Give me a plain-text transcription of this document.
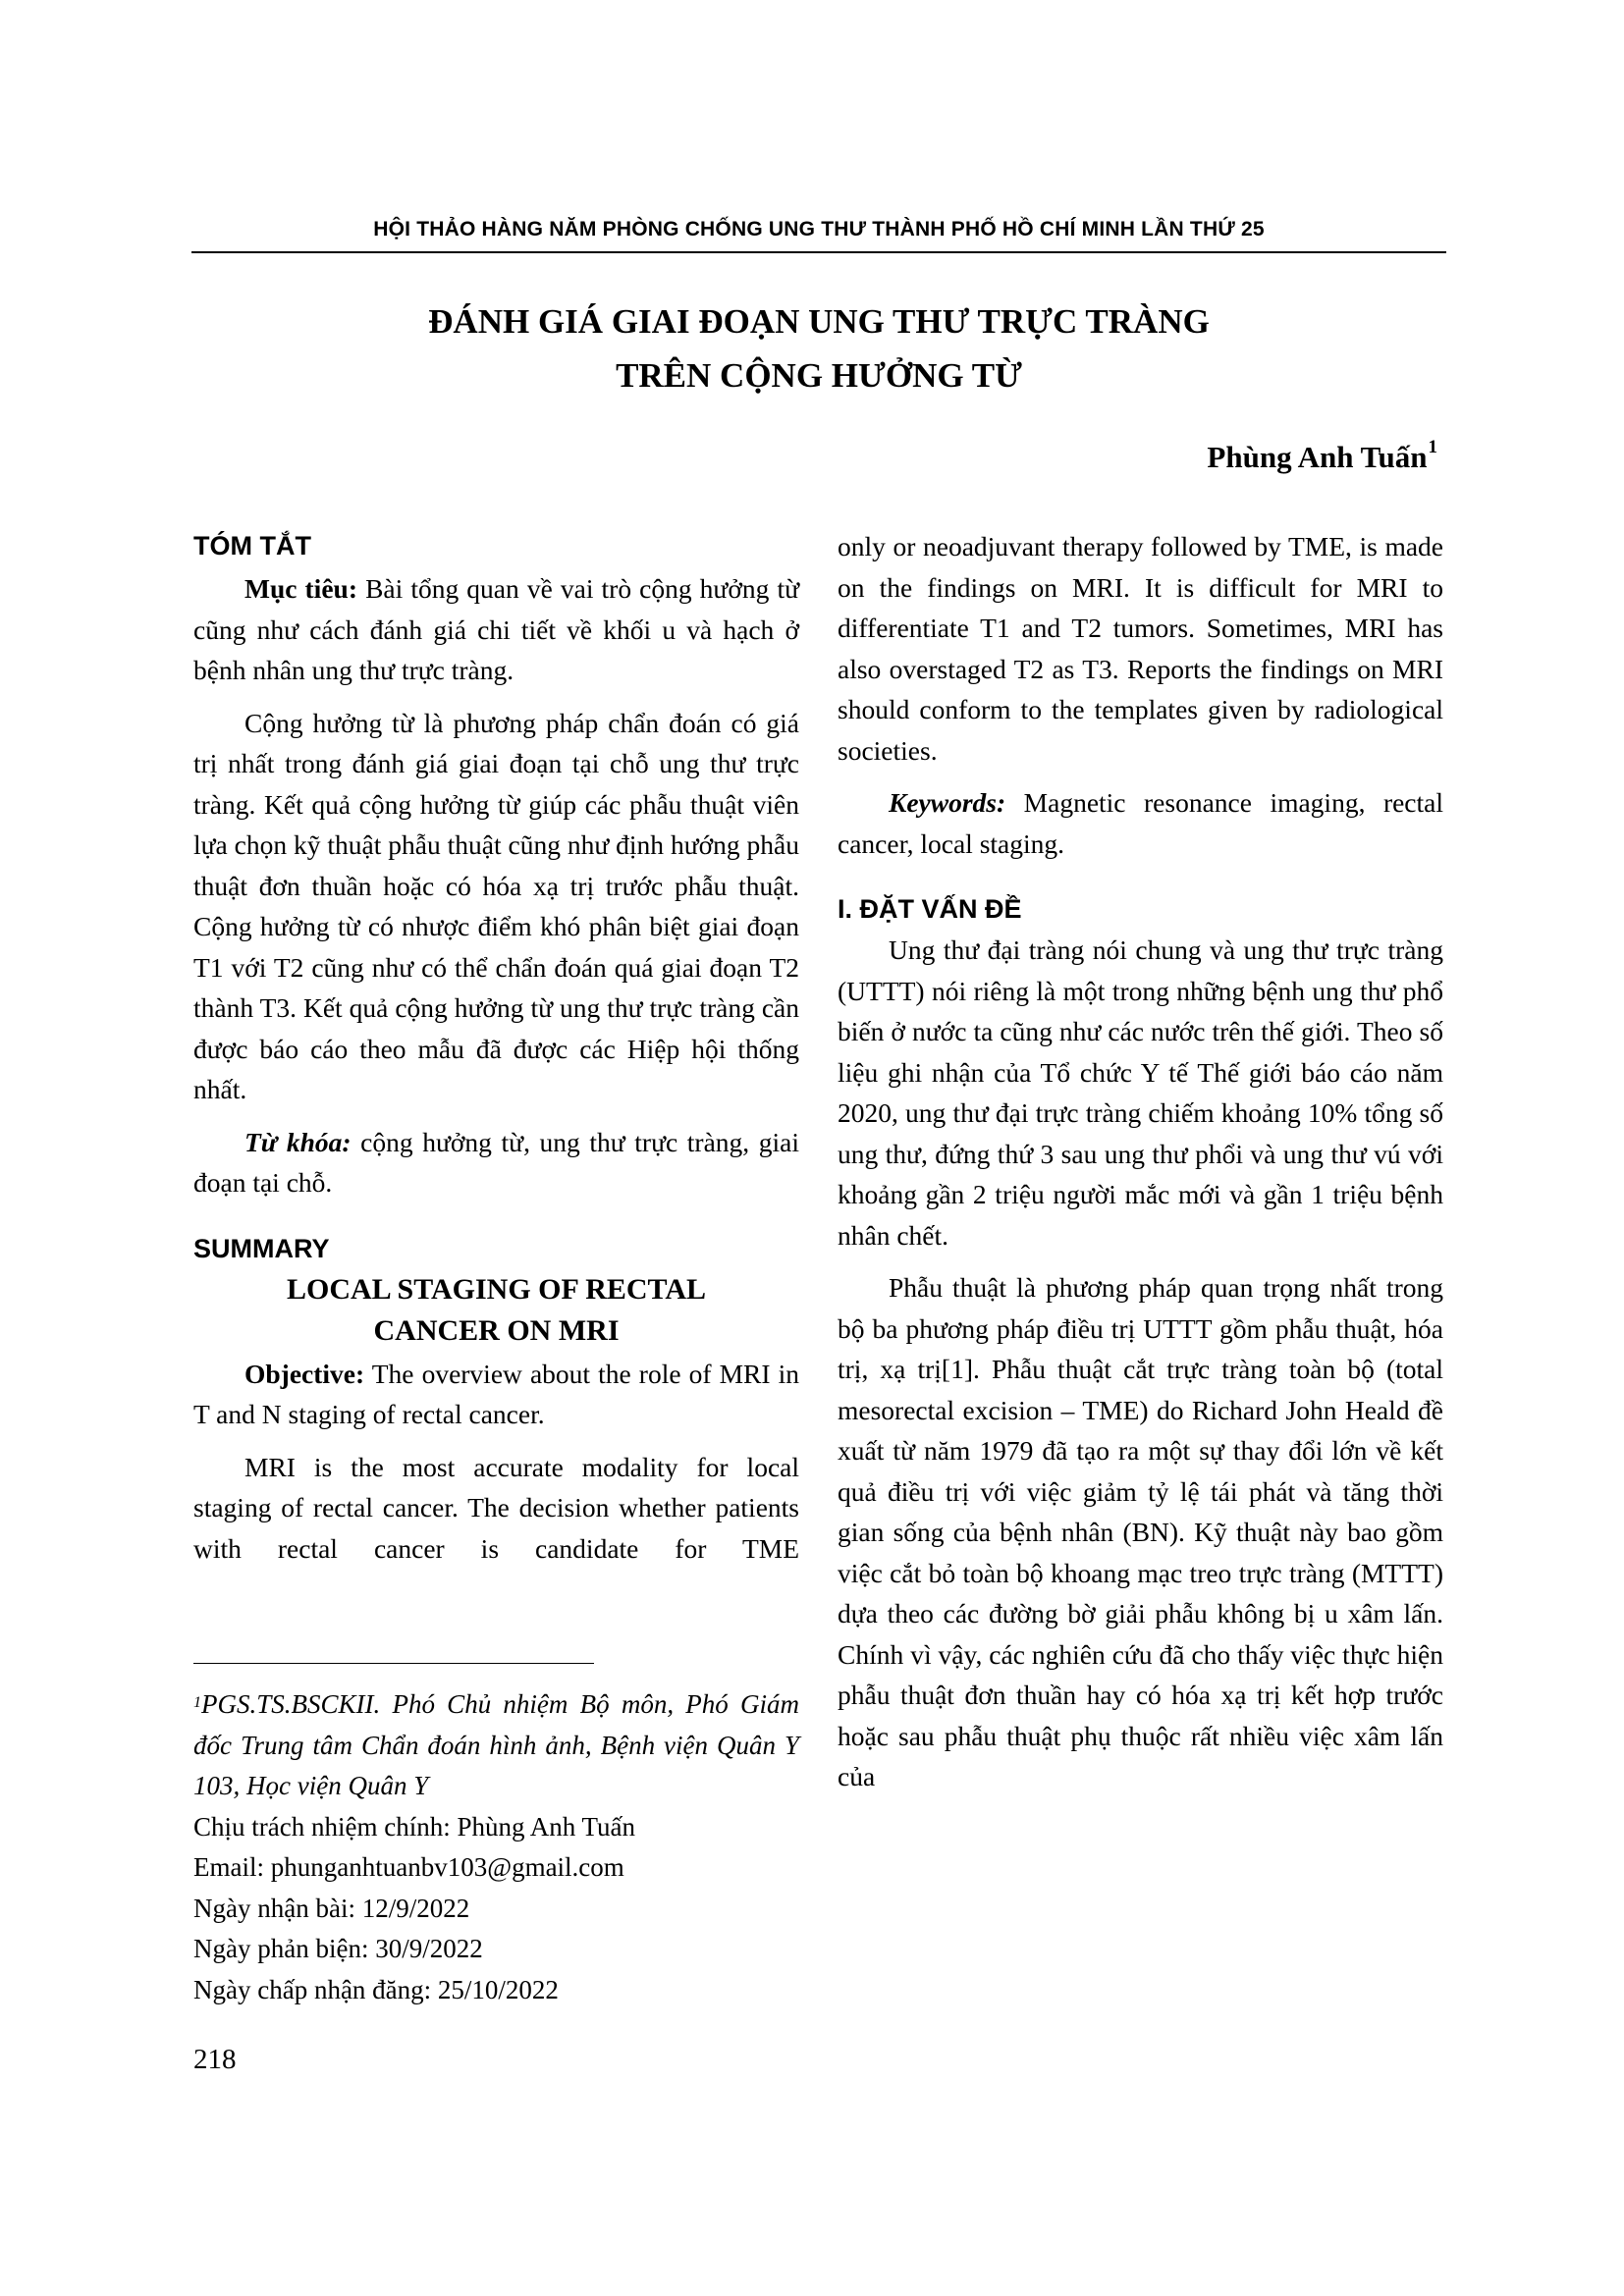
HỘI THẢO HÀNG NĂM PHÒNG CHỐNG UNG THƯ THÀNH PHỐ HỒ CHÍ MINH LẦN THỨ 25
ĐÁNH GIÁ GIAI ĐOẠN UNG THƯ TRỰC TRÀNG
TRÊN CỘNG HƯỞNG TỪ
Phùng Anh Tuấn$^1$
TÓM TẮT

Mục tiêu: Bài tổng quan về vai trò cộng hưởng từ cũng như cách đánh giá chi tiết về khối u và hạch ở bệnh nhân ung thư trực tràng.

Cộng hưởng từ là phương pháp chẩn đoán có giá trị nhất trong đánh giá giai đoạn tại chỗ ung thư trực tràng. Kết quả cộng hưởng từ giúp các phẫu thuật viên lựa chọn kỹ thuật phẫu thuật cũng như định hướng phẫu thuật đơn thuần hoặc có hóa xạ trị trước phẫu thuật. Cộng hưởng từ có nhược điểm khó phân biệt giai đoạn T1 với T2 cũng như có thể chẩn đoán quá giai đoạn T2 thành T3. Kết quả cộng hưởng từ ung thư trực tràng cần được báo cáo theo mẫu đã được các Hiệp hội thống nhất.

Từ khóa: cộng hưởng từ, ung thư trực tràng, giai đoạn tại chỗ.

SUMMARY
LOCAL STAGING OF RECTAL
CANCER ON MRI

Objective: The overview about the role of MRI in T and N staging of rectal cancer.

MRI is the most accurate modality for local staging of rectal cancer. The decision whether patients with rectal cancer is candidate for TME

$^1$PGS.TS.BSCKII. Phó Chủ nhiệm Bộ môn, Phó Giám đốc Trung tâm Chẩn đoán hình ảnh, Bệnh viện Quân Y 103, Học viện Quân Y

Chịu trách nhiệm chính: Phùng Anh Tuấn

Email: phunganhtuanbv103@gmail.com

Ngày nhận bài: 12/9/2022

Ngày phản biện: 30/9/2022

Ngày chấp nhận đăng: 25/10/2022

only or neoadjuvant therapy followed by TME, is made on the findings on MRI. It is difficult for MRI to differentiate T1 and T2 tumors. Sometimes, MRI has also overstaged T2 as T3. Reports the findings on MRI should conform to the templates given by radiological societies.

Keywords: Magnetic resonance imaging, rectal cancer, local staging.

I. ĐẶT VẤN ĐỀ

Ung thư đại tràng nói chung và ung thư trực tràng (UTTT) nói riêng là một trong những bệnh ung thư phổ biến ở nước ta cũng như các nước trên thế giới. Theo số liệu ghi nhận của Tổ chức Y tế Thế giới báo cáo năm 2020, ung thư đại trực tràng chiếm khoảng 10% tổng số ung thư, đứng thứ 3 sau ung thư phổi và ung thư vú với khoảng gần 2 triệu người mắc mới và gần 1 triệu bệnh nhân chết.

Phẫu thuật là phương pháp quan trọng nhất trong bộ ba phương pháp điều trị UTTT gồm phẫu thuật, hóa trị, xạ trị[1]. Phẫu thuật cắt trực tràng toàn bộ (total mesorectal excision – TME) do Richard John Heald đề xuất từ năm 1979 đã tạo ra một sự thay đổi lớn về kết quả điều trị với việc giảm tỷ lệ tái phát và tăng thời gian sống của bệnh nhân (BN). Kỹ thuật này bao gồm việc cắt bỏ toàn bộ khoang mạc treo trực tràng (MTTT) dựa theo các đường bờ giải phẫu không bị u xâm lấn. Chính vì vậy, các nghiên cứu đã cho thấy việc thực hiện phẫu thuật đơn thuần hay có hóa xạ trị kết hợp trước hoặc sau phẫu thuật phụ thuộc rất nhiều việc xâm lấn của

218
